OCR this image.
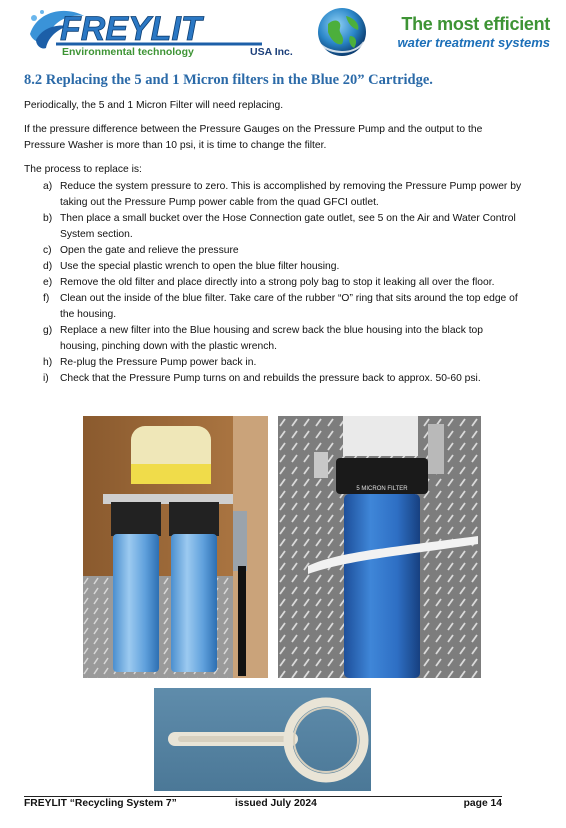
FREYLIT
Environmental technology	USA Inc.
The most efficient
water treatment systems
8.2 Replacing the 5 and 1 Micron filters in the Blue 20” Cartridge.

Periodically, the 5 and 1 Micron Filter will need replacing.

If the pressure difference between the Pressure Gauges on the Pressure Pump and the output to the Pressure Washer is more than 10 psi, it is time to change the filter.

The process to replace is:

a) Reduce the system pressure to zero. This is accomplished by removing the Pressure Pump power by taking out the Pressure Pump power cable from the quad GFCI outlet.
b) Then place a small bucket over the Hose Connection gate outlet, see 5 on the Air and Water Control System section.
c) Open the gate and relieve the pressure
d) Use the special plastic wrench to open the blue filter housing.
e) Remove the old filter and place directly into a strong poly bag to stop it leaking all over the floor.
f) Clean out the inside of the blue filter. Take care of the rubber “O” ring that sits around the top edge of the housing.
g) Replace a new filter into the Blue housing and screw back the blue housing into the black top housing, pinching down with the plastic wrench.
h) Re-plug the Pressure Pump power back in.
i) Check that the Pressure Pump turns on and rebuilds the pressure back to approx. 50-60 psi.
5 MICRON FILTER
FREYLIT “Recycling System 7”	issued July 2024	page 14
